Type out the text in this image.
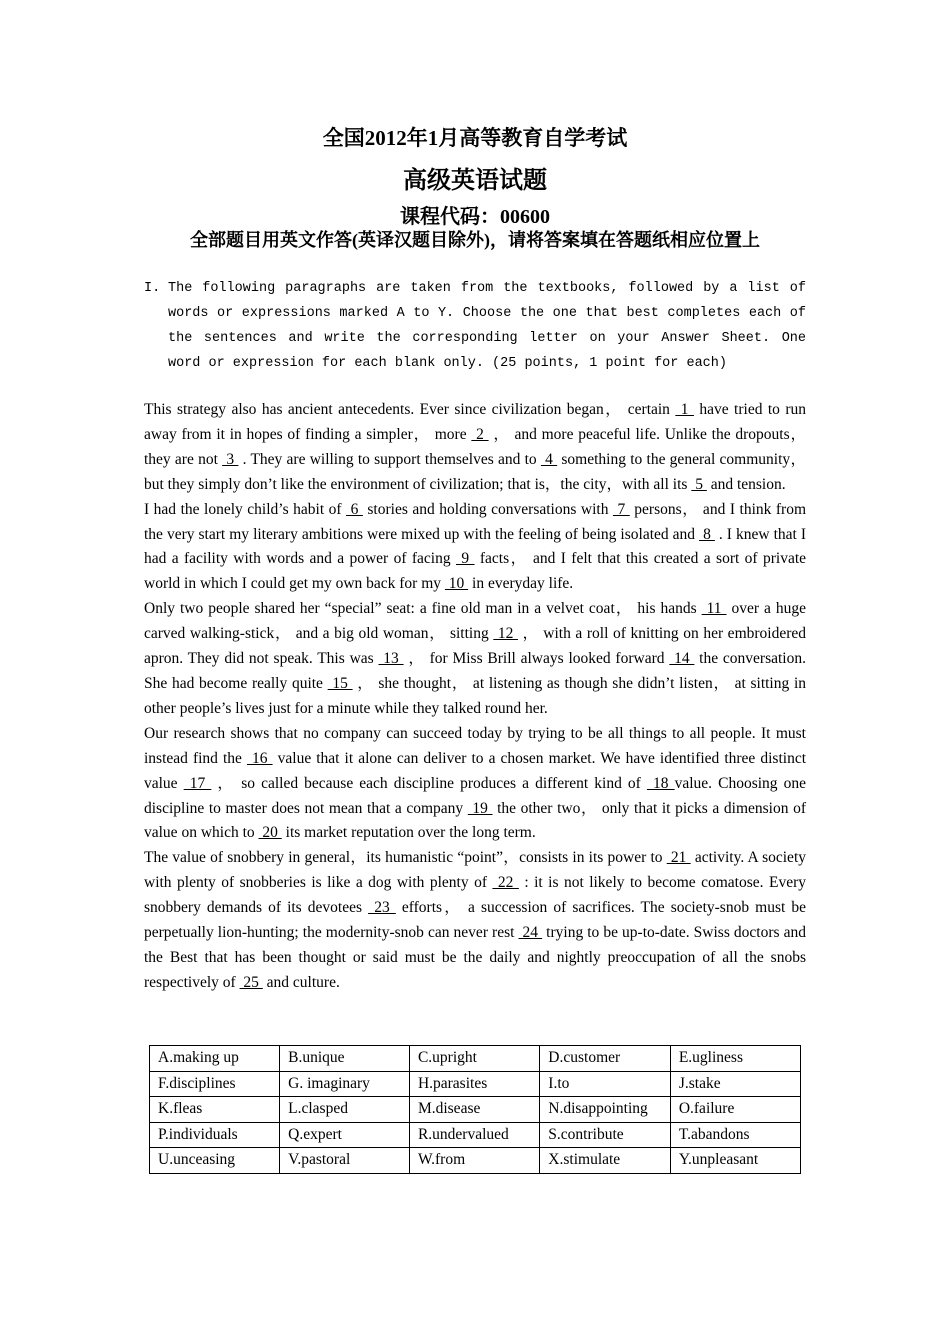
全国2012年1月高等教育自学考试
高级英语试题
课程代码：00600
全部题目用英文作答(英译汉题目除外)，请将答案填在答题纸相应位置上
I. The following paragraphs are taken from the textbooks, followed by a list of words or expressions marked A to Y. Choose the one that best completes each of the sentences and write the corresponding letter on your Answer Sheet. One word or expression for each blank only. (25 points, 1 point for each)

This strategy also has ancient antecedents. Ever since civilization began， certain  1  have tried to run away from it in hopes of finding a simpler， more  2  ， and more peaceful life. Unlike the dropouts， they are not  3  . They are willing to support themselves and to  4  something to the general community，but they simply don’t like the environment of civilization; that is，the city，with all its  5  and tension.

I had the lonely child’s habit of  6  stories and holding conversations with  7  persons， and I think from the very start my literary ambitions were mixed up with the feeling of being isolated and  8  . I knew that I had a facility with words and a power of facing  9  facts， and I felt that this created a sort of private world in which I could get my own back for my  10  in everyday life.

Only two people shared her “special” seat: a fine old man in a velvet coat， his hands  11  over a huge carved walking-stick， and a big old woman， sitting  12  ， with a roll of knitting on her embroidered apron. They did not speak. This was  13  ， for Miss Brill always looked forward  14  the conversation. She had become really quite  15  ， she thought， at listening as though she didn’t listen， at sitting in other people’s lives just for a minute while they talked round her.

Our research shows that no company can succeed today by trying to be all things to all people. It must instead find the  16  value that it alone can deliver to a chosen market. We have identified three distinct value  17  ， so called because each discipline produces a different kind of  18 value. Choosing one discipline to master does not mean that a company  19  the other two， only that it picks a dimension of value on which to  20  its market reputation over the long term.

The value of snobbery in general，its humanistic “point”，consists in its power to  21  activity. A society with plenty of snobberies is like a dog with plenty of  22  : it is not likely to become comatose. Every snobbery demands of its devotees  23  efforts， a succession of sacrifices. The society-snob must be perpetually lion-hunting; the modernity-snob can never rest  24  trying to be up-to-date. Swiss doctors and the Best that has been thought or said must be the daily and nightly preoccupation of all the snobs respectively of  25  and culture.

A.making up	B.unique	C.upright	D.customer	E.ugliness
F.disciplines	G. imaginary	H.parasites	I.to	J.stake
K.fleas	L.clasped	M.disease	N.disappointing	O.failure
P.individuals	Q.expert	R.undervalued	S.contribute	T.abandons
U.unceasing	V.pastoral	W.from	X.stimulate	Y.unpleasant
